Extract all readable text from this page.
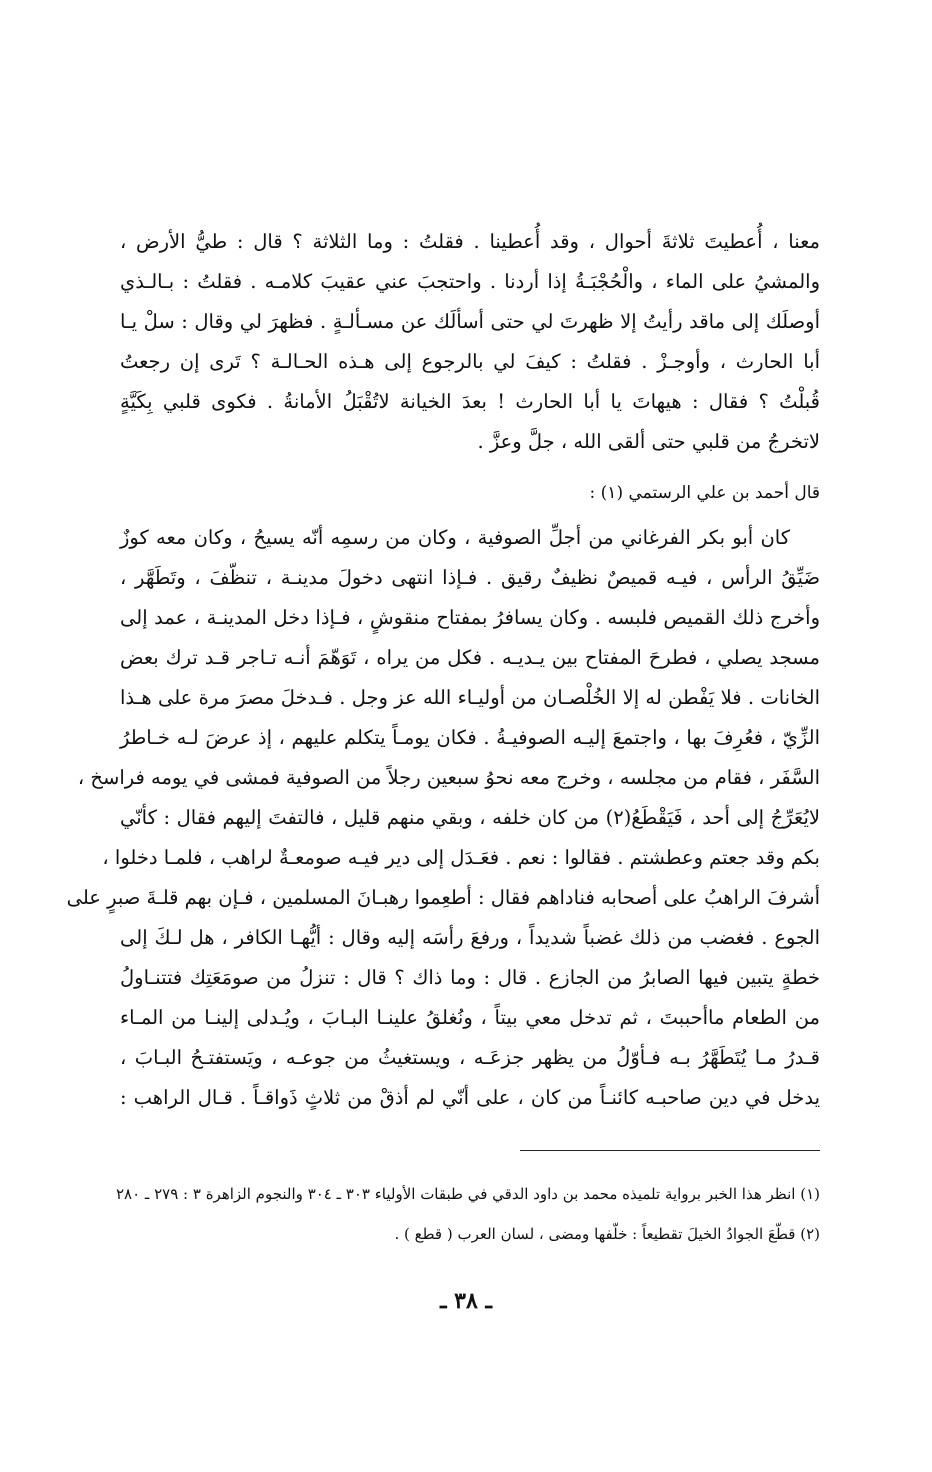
معنا ، أُعطيتَ ثلاثةَ أحوال ، وقد أُعطينا . فقلتُ : وما الثلاثة ؟ قال : طيُّ الأرض ،
والمشيُ على الماء ، والْحُجْبَـةُ إذا أردنا . واحتجبَ عني عقيبَ كلامـه . فقلتُ : بـالـذي
أوصلَك إلى ماقد رأيتُ إلا ظهرتَ لي حتى أسألَك عن مسـألـةٍ . فظهرَ لي وقال : سلْ يـا
أبا الحارث ، وأوجـزْ . فقلتُ : كيفَ لي بالرجوع إلى هـذه الحـالـة ؟ تَرى إن رجعتُ
قُبلْتُ ؟ فقال : هيهاتَ يا أبا الحارث ! بعدَ الخيانة لاتُقْبَلُ الأمانةُ . فكوى قلبي بِكَيَّةٍ
لاتخرجُ من قلبي حتى ألقى الله ، جلَّ وعزَّ .
قال أحمد بن علي الرستمي (١) :
كان أبو بكر الفرغاني من أجلِّ الصوفية ، وكان من رسمِه أنّه يسيحُ ، وكان معه كوزٌ
ضَيِّقُ الرأس ، فيـه قميصٌ نظيفٌ رقيق . فـإذا انتهى دخولَ مدينـة ، تنظّفَ ، وتَطَهَّر ،
وأخرج ذلك القميص فلبسه . وكان يسافرُ بمفتاح منقوشٍ ، فـإذا دخل المدينـة ، عمد إلى
مسجد يصلي ، فطرحَ المفتاح بين يـديـه . فكل من يراه ، تَوَهّمَ أنـه تـاجر قـد ترك بعض
الخانات . فلا يَفْطن له إلا الخُلْصـان من أوليـاء الله عز وجل . فـدخلَ مصرَ مرة على هـذا
الزِّيّ ، فعُرِفَ بها ، واجتمعَ إليـه الصوفيـةُ . فكان يومـاً يتكلم عليهم ، إذ عرضَ لـه خـاطرُ
السَّفَر ، فقام من مجلسه ، وخرج معه نحوُ سبعين رجلاً من الصوفية فمشى في يومه فراسخ ،
لايُعَرِّجُ إلى أحد ، فَيَقْطَعُ(٢) من كان خلفه ، وبقي منهم قليل ، فالتفتَ إليهم فقال : كأنّي
بكم وقد جعتم وعطشتم . فقالوا : نعم . فعَـدَل إلى دير فيـه صومعـةٌ لراهب ، فلمـا دخلوا ،
أشرفَ الراهبُ على أصحابه فناداهم فقال : أطعِموا رهبـانَ المسلمين ، فـإن بهم قلـةَ صبرٍ على
الجوع . فغضب من ذلك غضباً شديداً ، ورفعَ رأسَه إليه وقال : أيُّهـا الكافر ، هل لـكَ إلى
خطةٍ يتبين فيها الصابرُ من الجازع . قال : وما ذاك ؟ قال : تنزلُ من صومَعَتِك فتتنـاولُ
من الطعام ماأحببتَ ، ثم تدخل معي بيتاً ، ونُغلقُ علينـا البـابَ ، ويُـدلى إلينـا من المـاء
قـدرُ مـا يُتَطَهَّرُ بـه فـأوّلُ من يظهر جزعَـه ، ويستغيثُ من جوعـه ، ويَستفتـحُ البـابَ ،
يدخل في دين صاحبـه كائنـاً من كان ، على أنّي لم أذقْ من ثلاثٍ ذَواقـاً . قـال الراهب :
(١) انظر هذا الخبر برواية تلميذه محمد بن داود الدقي في طبقات الأولياء ٣٠٣ ـ ٣٠٤ والنجوم الزاهرة ٣ : ٢٧٩ ـ ٢٨٠
(٢) قطّعَ الجوادُ الخيلَ تقطيعاً : خلّفها ومضى ، لسان العرب ( قطع ) .
ـ ٣٨ ـ
